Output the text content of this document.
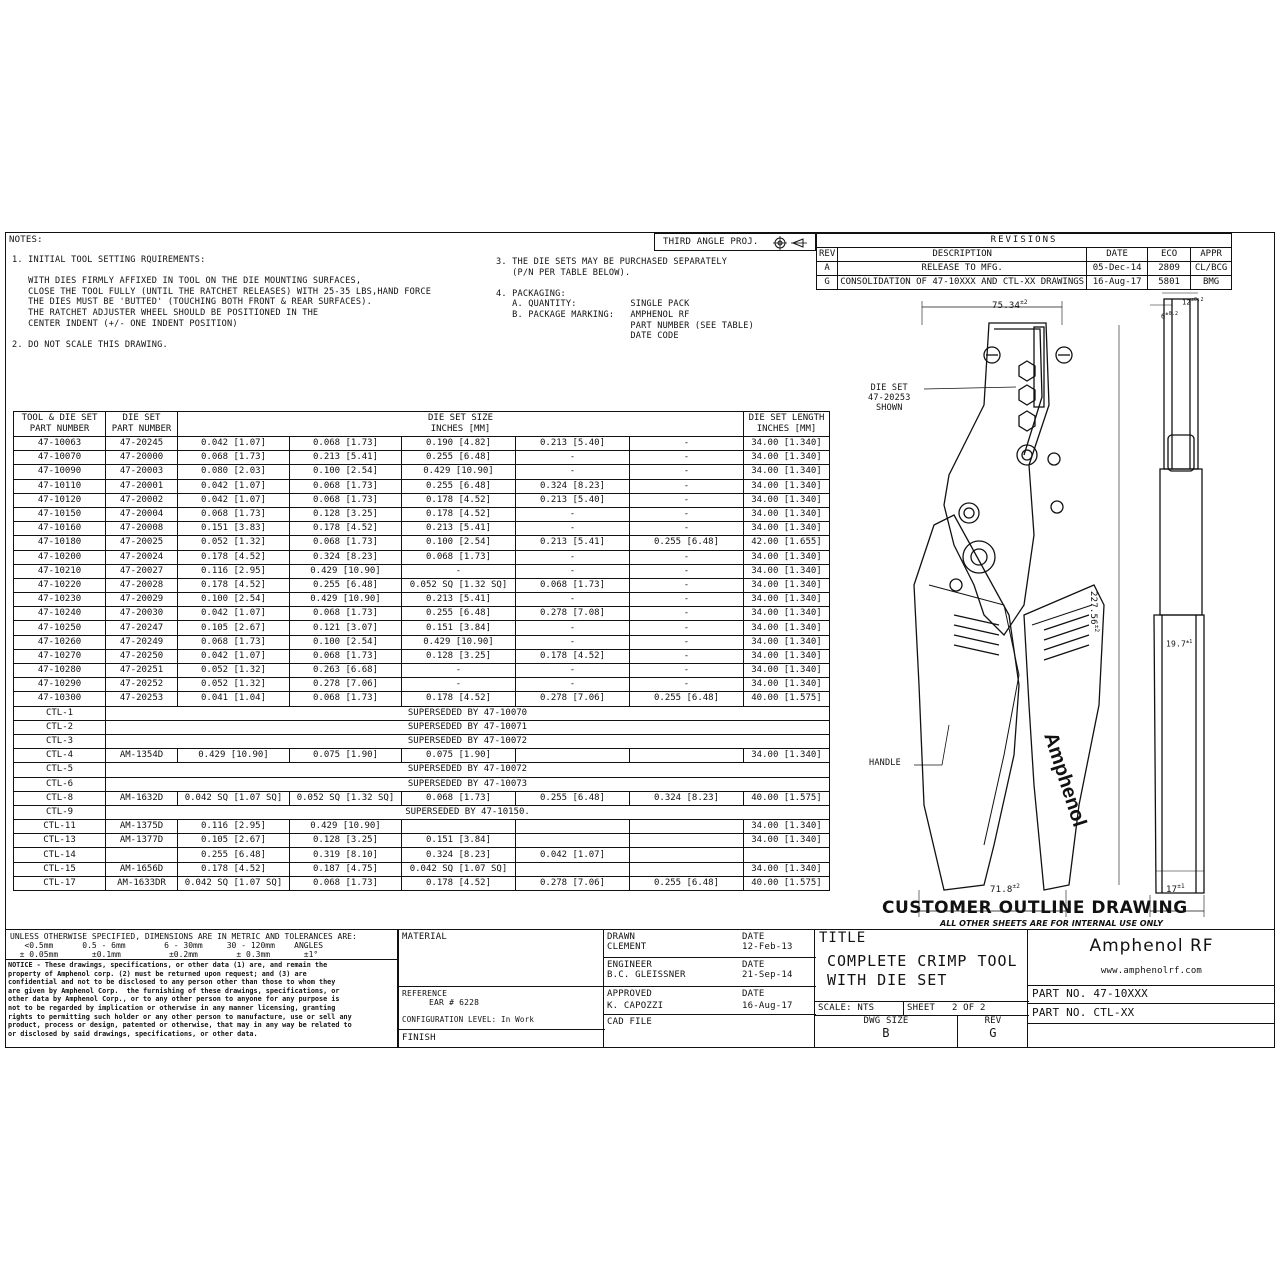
NOTES:
1. INITIAL TOOL SETTING RQUIREMENTS:

WITH DIES FIRMLY AFFIXED IN TOOL ON THE DIE MOUNTING SURFACES,
CLOSE THE TOOL FULLY (UNTIL THE RATCHET RELEASES) WITH 25-35 LBS,HAND FORCE
THE DIES MUST BE 'BUTTED' (TOUCHING BOTH FRONT & REAR SURFACES).
THE RATCHET ADJUSTER WHEEL SHOULD BE POSITIONED IN THE
CENTER INDENT (+/- ONE INDENT POSITION)

2. DO NOT SCALE THIS DRAWING.
3. THE DIE SETS MAY BE PURCHASED SEPARATELY
(P/N PER TABLE BELOW).

4. PACKAGING:
A. QUANTITY:          SINGLE PACK
B. PACKAGE MARKING:   AMPHENOL RF
PART NUMBER (SEE TABLE)
DATE CODE
THIRD ANGLE PROJ.	REVISIONS				
REV	DESCRIPTION	DATE	ECO	APPR
A	RELEASE TO MFG.	05-Dec-14	2809	CL/BCG
G	CONSOLIDATION OF 47-10XXX AND CTL-XX DRAWINGS	16-Aug-17	5801	BMG
TOOL & DIE SET
PART NUMBER	DIE SET
PART NUMBER	DIE SET SIZE
INCHES [MM]					DIE SET LENGTH
INCHES [MM]
47-10063	47-20245	0.042 [1.07]	0.068 [1.73]	0.190 [4.82]	0.213 [5.40]	-	34.00 [1.340]
47-10070	47-20000	0.068 [1.73]	0.213 [5.41]	0.255 [6.48]	-	-	34.00 [1.340]
47-10090	47-20003	0.080 [2.03]	0.100 [2.54]	0.429 [10.90]	-	-	34.00 [1.340]
47-10110	47-20001	0.042 [1.07]	0.068 [1.73]	0.255 [6.48]	0.324 [8.23]	-	34.00 [1.340]
47-10120	47-20002	0.042 [1.07]	0.068 [1.73]	0.178 [4.52]	0.213 [5.40]	-	34.00 [1.340]
47-10150	47-20004	0.068 [1.73]	0.128 [3.25]	0.178 [4.52]	-	-	34.00 [1.340]
47-10160	47-20008	0.151 [3.83]	0.178 [4.52]	0.213 [5.41]	-	-	34.00 [1.340]
47-10180	47-20025	0.052 [1.32]	0.068 [1.73]	0.100 [2.54]	0.213 [5.41]	0.255 [6.48]	42.00 [1.655]
47-10200	47-20024	0.178 [4.52]	0.324 [8.23]	0.068 [1.73]	-	-	34.00 [1.340]
47-10210	47-20027	0.116 [2.95]	0.429 [10.90]	-	-	-	34.00 [1.340]
47-10220	47-20028	0.178 [4.52]	0.255 [6.48]	0.052 SQ [1.32 SQ]	0.068 [1.73]	-	34.00 [1.340]
47-10230	47-20029	0.100 [2.54]	0.429 [10.90]	0.213 [5.41]	-	-	34.00 [1.340]
47-10240	47-20030	0.042 [1.07]	0.068 [1.73]	0.255 [6.48]	0.278 [7.08]	-	34.00 [1.340]
47-10250	47-20247	0.105 [2.67]	0.121 [3.07]	0.151 [3.84]	-	-	34.00 [1.340]
47-10260	47-20249	0.068 [1.73]	0.100 [2.54]	0.429 [10.90]	-	-	34.00 [1.340]
47-10270	47-20250	0.042 [1.07]	0.068 [1.73]	0.128 [3.25]	0.178 [4.52]	-	34.00 [1.340]
47-10280	47-20251	0.052 [1.32]	0.263 [6.68]	-	-	-	34.00 [1.340]
47-10290	47-20252	0.052 [1.32]	0.278 [7.06]	-	-	-	34.00 [1.340]
47-10300	47-20253	0.041 [1.04]	0.068 [1.73]	0.178 [4.52]	0.278 [7.06]	0.255 [6.48]	40.00 [1.575]
CTL-1	SUPERSEDED BY 47-10070						
CTL-2	SUPERSEDED BY 47-10071						
CTL-3	SUPERSEDED BY 47-10072						
CTL-4	AM-1354D	0.429 [10.90]	0.075 [1.90]	0.075 [1.90]			34.00 [1.340]
CTL-5	SUPERSEDED BY 47-10072						
CTL-6	SUPERSEDED BY 47-10073						
CTL-8	AM-1632D	0.042 SQ [1.07 SQ]	0.052 SQ [1.32 SQ]	0.068 [1.73]	0.255 [6.48]	0.324 [8.23]	40.00 [1.575]
CTL-9	SUPERSEDED BY 47-10150.						
CTL-11	AM-1375D	0.116 [2.95]	0.429 [10.90]				34.00 [1.340]
CTL-13	AM-1377D	0.105 [2.67]	0.128 [3.25]	0.151 [3.84]			34.00 [1.340]
CTL-14		0.255 [6.48]	0.319 [8.10]	0.324 [8.23]	0.042 [1.07]		
CTL-15	AM-1656D	0.178 [4.52]	0.187 [4.75]	0.042 SQ [1.07 SQ]			34.00 [1.340]
CTL-17	AM-1633DR	0.042 SQ [1.07 SQ]	0.068 [1.73]	0.178 [4.52]	0.278 [7.06]	0.255 [6.48]	40.00 [1.575]
Amphenol
$75.34^{\pm 2}$	$12^{\pm 0.2}$
$6^{\pm 0.2}$
$227.56^{\pm 2}$
$19.7^{\pm 1}$
$71.8^{\pm 2}$	$17^{\pm 1}$
DIE SET
47-20253
SHOWN
HANDLE
CUSTOMER OUTLINE DRAWING
ALL OTHER SHEETS ARE FOR INTERNAL USE ONLY
UNLESS OTHERWISE SPECIFIED, DIMENSIONS ARE IN METRIC AND TOLERANCES ARE:
<0.5mm      0.5 - 6mm        6 - 30mm     30 - 120mm    ANGLES
± 0.05mm       ±0.1mm          ±0.2mm        ± 0.3mm       ±1°
NOTICE - These drawings, specifications, or other data (1) are, and remain the
property of Amphenol corp. (2) must be returned upon request; and (3) are
confidential and not to be disclosed to any person other than those to whom they
are given by Amphenol Corp.  the furnishing of these drawings, specifications, or
other data by Amphenol Corp., or to any other person to anyone for any purpose is
not to be regarded by implication or otherwise in any manner licensing, granting
rights to permitting such holder or any other person to manufacture, use or sell any
product, process or design, patented or otherwise, that may in any way be related to
or disclosed by said drawings, specifications, or other data.
MATERIAL
REFERENCE
EAR # 6228
CONFIGURATION LEVEL: In Work
FINISH
DRAWN
CLEMENT
DATE
12-Feb-13
ENGINEER
B.C. GLEISSNER
DATE
21-Sep-14
APPROVED
K. CAPOZZI
DATE
16-Aug-17
CAD FILE
TITLE
COMPLETE CRIMP TOOL
WITH DIE SET
SCALE: NTS	SHEET   2 OF 2
DWG SIZE
B
REV
G
Amphenol RF
www.amphenolrf.com
PART NO. 47-10XXX
PART NO. CTL-XX
